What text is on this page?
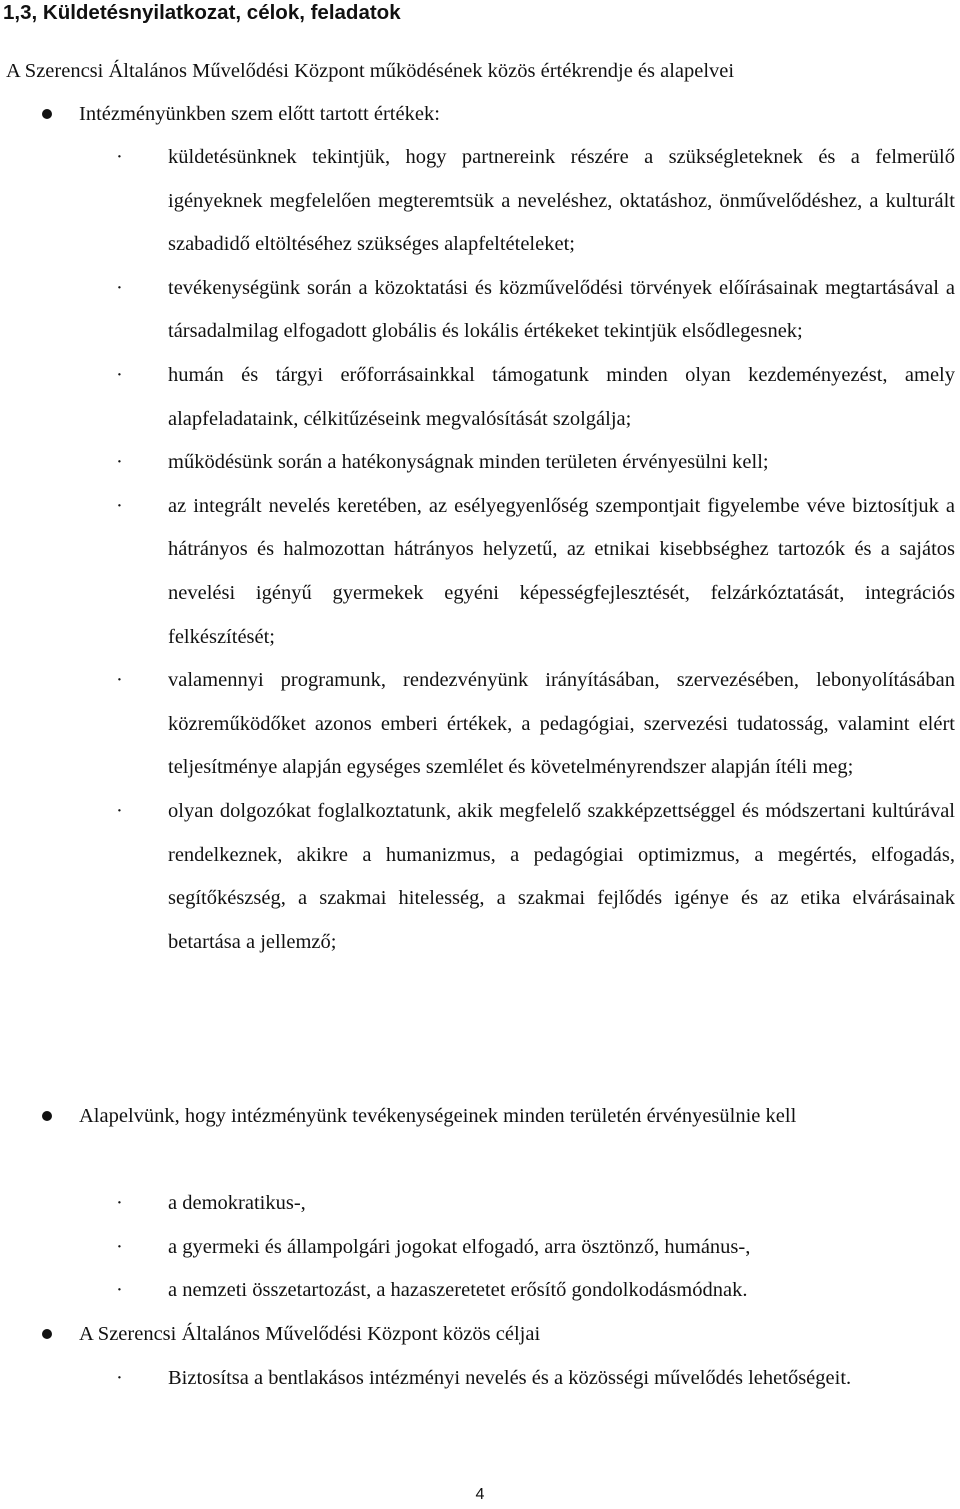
1,3, Küldetésnyilatkozat, célok, feladatok
A Szerencsi Általános Művelődési Központ működésének közös értékrendje és alapelvei
Intézményünkben szem előtt tartott értékek:
· küldetésünknek tekintjük, hogy partnereink részére a szükségleteknek és a felmerülő igényeknek megfelelően megteremtsük a neveléshez, oktatáshoz, önművelődéshez, a kulturált szabadidő eltöltéséhez szükséges alapfeltételeket;
· tevékenységünk során a közoktatási és közművelődési törvények előírásainak megtartásával a társadalmilag elfogadott globális és lokális értékeket tekintjük elsődlegesnek;
· humán és tárgyi erőforrásainkkal támogatunk minden olyan kezdeményezést, amely alapfeladataink, célkitűzéseink megvalósítását szolgálja;
· működésünk során a hatékonyságnak minden területen érvényesülni kell;
· az integrált nevelés keretében, az esélyegyenlőség szempontjait figyelembe véve biztosítjuk a hátrányos és halmozottan hátrányos helyzetű, az etnikai kisebbséghez tartozók és a sajátos nevelési igényű gyermekek egyéni képességfejlesztését, felzárkóztatását, integrációs felkészítését;
· valamennyi programunk, rendezvényünk irányításában, szervezésében, lebonyolításában közreműködőket azonos emberi értékek, a pedagógiai, szervezési tudatosság, valamint elért teljesítménye alapján egységes szemlélet és követelményrendszer alapján ítéli meg;
· olyan dolgozókat foglalkoztatunk, akik megfelelő szakképzettséggel és módszertani kultúrával rendelkeznek, akikre a humanizmus, a pedagógiai optimizmus, a megértés, elfogadás, segítőkészség, a szakmai hitelesség, a szakmai fejlődés igénye és az etika elvárásainak betartása a jellemző;
Alapelvünk, hogy intézményünk tevékenységeinek minden területén érvényesülnie kell
· a demokratikus-,
· a gyermeki és állampolgári jogokat elfogadó, arra ösztönző, humánus-,
· a nemzeti összetartozást, a hazaszeretetet erősítő gondolkodásmódnak.
A Szerencsi Általános Művelődési Központ közös céljai
· Biztosítsa a bentlakásos intézményi nevelés és a közösségi művelődés lehetőségeit.
4
